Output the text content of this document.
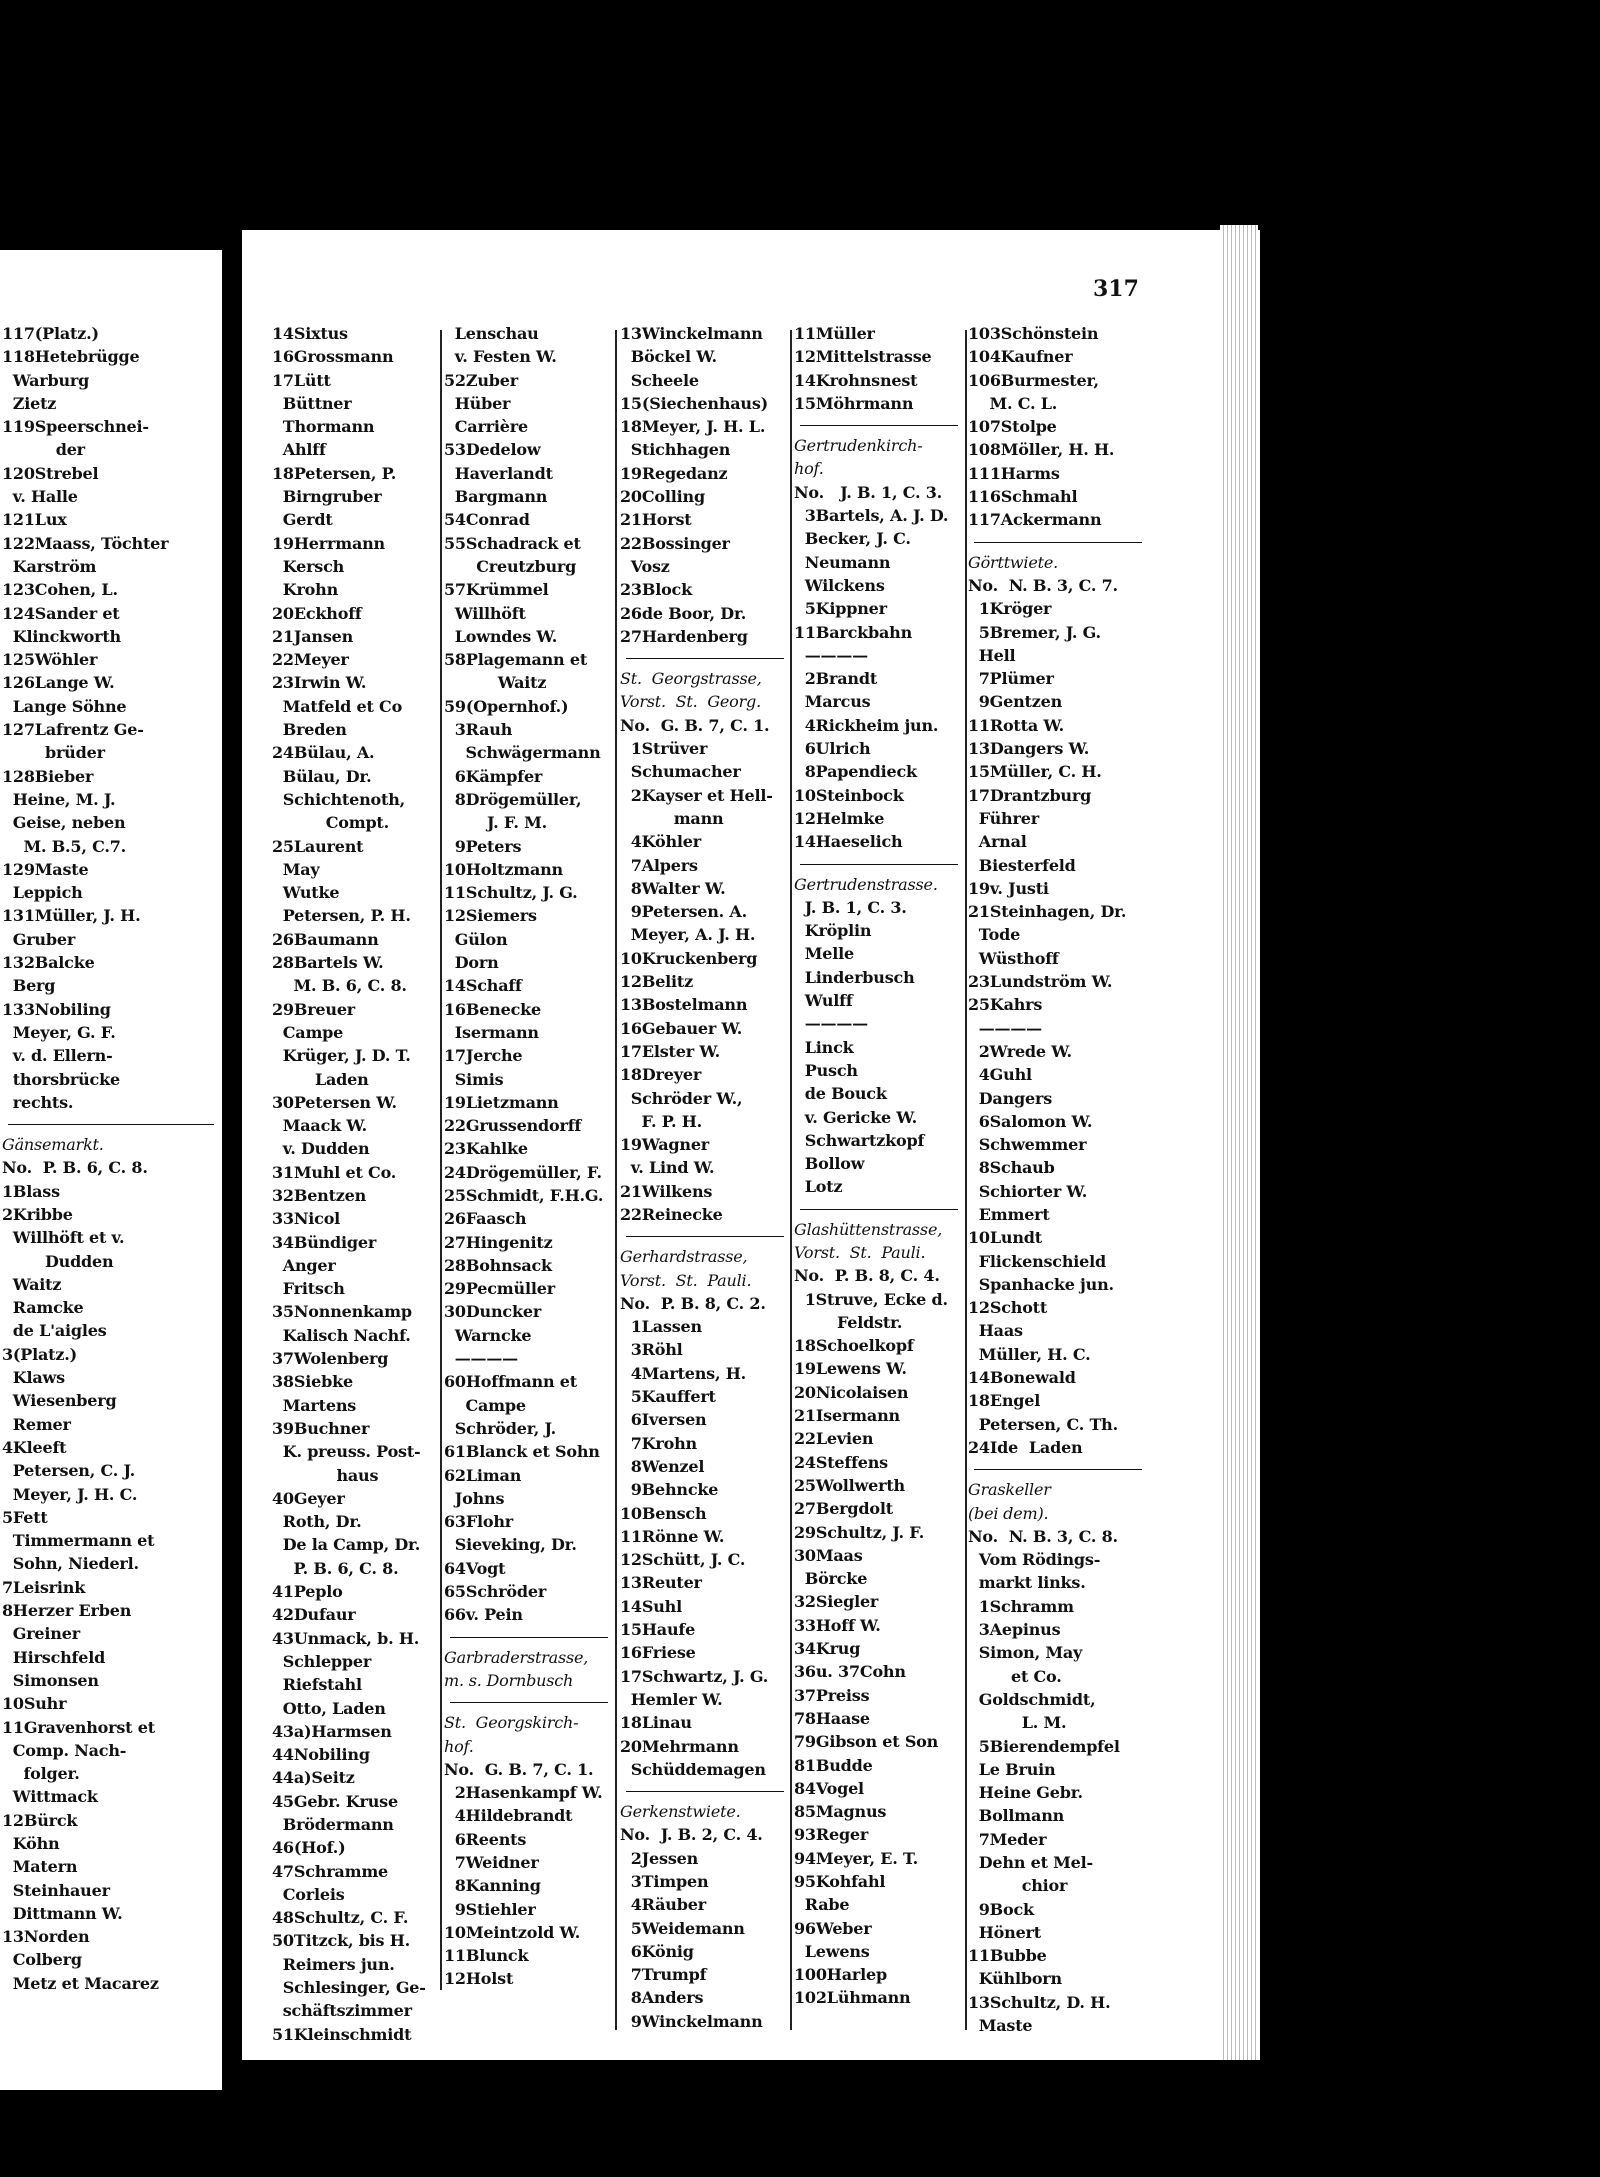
317
117(Platz.)
118Hetebrügge
Warburg
Zietz
119Speerschnei-
der
120Strebel
v. Halle
121Lux
122Maass, Töchter
Karström
123Cohen, L.
124Sander et
Klinckworth
125Wöhler
126Lange W.
Lange Söhne
127Lafrentz Ge-
brüder
128Bieber
Heine, M. J.
Geise, neben
M. B.5, C.7.
129Maste
Leppich
131Müller, J. H.
Gruber
132Balcke
Berg
133Nobiling
Meyer, G. F.
v. d. Ellern-
thorsbrücke
rechts.
Gänsemarkt.
No.  P. B. 6, C. 8.
1Blass
2Kribbe
Willhöft et v.
Dudden
Waitz
Ramcke
de L'aigles
3(Platz.)
Klaws
Wiesenberg
Remer
4Kleeft
Petersen, C. J.
Meyer, J. H. C.
5Fett
Timmermann et
Sohn, Niederl.
7Leisrink
8Herzer Erben
Greiner
Hirschfeld
Simonsen
10Suhr
11Gravenhorst et
Comp. Nach-
folger.
Wittmack
12Bürck
Köhn
Matern
Steinhauer
Dittmann W.
13Norden
Colberg
Metz et Macarez
14Sixtus
16Grossmann
17Lütt
Büttner
Thormann
Ahlff
18Petersen, P.
Birngruber
Gerdt
19Herrmann
Kersch
Krohn
20Eckhoff
21Jansen
22Meyer
23Irwin W.
Matfeld et Co
Breden
24Bülau, A.
Bülau, Dr.
Schichtenoth,
Compt.
25Laurent
May
Wutke
Petersen, P. H.
26Baumann
28Bartels W.
M. B. 6, C. 8.
29Breuer
Campe
Krüger, J. D. T.
Laden
30Petersen W.
Maack W.
v. Dudden
31Muhl et Co.
32Bentzen
33Nicol
34Bündiger
Anger
Fritsch
35Nonnenkamp
Kalisch Nachf.
37Wolenberg
38Siebke
Martens
39Buchner
K. preuss. Post-
haus
40Geyer
Roth, Dr.
De la Camp, Dr.
P. B. 6, C. 8.
41Peplo
42Dufaur
43Unmack, b. H.
Schlepper
Riefstahl
Otto, Laden
43a)Harmsen
44Nobiling
44a)Seitz
45Gebr. Kruse
Brödermann
46(Hof.)
47Schramme
Corleis
48Schultz, C. F.
50Titzck, bis H.
Reimers jun.
Schlesinger, Ge-
schäftszimmer
51Kleinschmidt
Lenschau
v. Festen W.
52Zuber
Hüber
Carrière
53Dedelow
Haverlandt
Bargmann
54Conrad
55Schadrack et
Creutzburg
57Krümmel
Willhöft
Lowndes W.
58Plagemann et
Waitz
59(Opernhof.)
3Rauh
Schwägermann
6Kämpfer
8Drögemüller,
J. F. M.
9Peters
10Holtzmann
11Schultz, J. G.
12Siemers
Gülon
Dorn
14Schaff
16Benecke
Isermann
17Jerche
Simis
19Lietzmann
22Grussendorff
23Kahlke
24Drögemüller, F.
25Schmidt, F.H.G.
26Faasch
27Hingenitz
28Bohnsack
29Pecmüller
30Duncker
Warncke
————
60Hoffmann et
Campe
Schröder, J.
61Blanck et Sohn
62Liman
Johns
63Flohr
Sieveking, Dr.
64Vogt
65Schröder
66v. Pein
Garbraderstrasse,
m. s. Dornbusch
St.  Georgskirch-
hof.
No.  G. B. 7, C. 1.
2Hasenkampf W.
4Hildebrandt
6Reents
7Weidner
8Kanning
9Stiehler
10Meintzold W.
11Blunck
12Holst
13Winckelmann
Böckel W.
Scheele
15(Siechenhaus)
18Meyer, J. H. L.
Stichhagen
19Regedanz
20Colling
21Horst
22Bossinger
Vosz
23Block
26de Boor, Dr.
27Hardenberg
St.  Georgstrasse,
Vorst.  St.  Georg.
No.  G. B. 7, C. 1.
1Strüver
Schumacher
2Kayser et Hell-
mann
4Köhler
7Alpers
8Walter W.
9Petersen. A.
Meyer, A. J. H.
10Kruckenberg
12Belitz
13Bostelmann
16Gebauer W.
17Elster W.
18Dreyer
Schröder W.,
F. P. H.
19Wagner
v. Lind W.
21Wilkens
22Reinecke
Gerhardstrasse,
Vorst.  St.  Pauli.
No.  P. B. 8, C. 2.
1Lassen
3Röhl
4Martens, H.
5Kauffert
6Iversen
7Krohn
8Wenzel
9Behncke
10Bensch
11Rönne W.
12Schütt, J. C.
13Reuter
14Suhl
15Haufe
16Friese
17Schwartz, J. G.
Hemler W.
18Linau
20Mehrmann
Schüddemagen
Gerkenstwiete.
No.  J. B. 2, C. 4.
2Jessen
3Timpen
4Räuber
5Weidemann
6König
7Trumpf
8Anders
9Winckelmann
11Müller
12Mittelstrasse
14Krohnsnest
15Möhrmann
Gertrudenkirch-
hof.
No.   J. B. 1, C. 3.
3Bartels, A. J. D.
Becker, J. C.
Neumann
Wilckens
5Kippner
11Barckbahn
————
2Brandt
Marcus
4Rickheim jun.
6Ulrich
8Papendieck
10Steinbock
12Helmke
14Haeselich
Gertrudenstrasse.
J. B. 1, C. 3.
Kröplin
Melle
Linderbusch
Wulff
————
Linck
Pusch
de Bouck
v. Gericke W.
Schwartzkopf
Bollow
Lotz
Glashüttenstrasse,
Vorst.  St.  Pauli.
No.  P. B. 8, C. 4.
1Struve, Ecke d.
Feldstr.
18Schoelkopf
19Lewens W.
20Nicolaisen
21Isermann
22Levien
24Steffens
25Wollwerth
27Bergdolt
29Schultz, J. F.
30Maas
Börcke
32Siegler
33Hoff W.
34Krug
36u. 37Cohn
37Preiss
78Haase
79Gibson et Son
81Budde
84Vogel
85Magnus
93Reger
94Meyer, E. T.
95Kohfahl
Rabe
96Weber
Lewens
100Harlep
102Lühmann
103Schönstein
104Kaufner
106Burmester,
M. C. L.
107Stolpe
108Möller, H. H.
111Harms
116Schmahl
117Ackermann
Görttwiete.
No.  N. B. 3, C. 7.
1Kröger
5Bremer, J. G.
Hell
7Plümer
9Gentzen
11Rotta W.
13Dangers W.
15Müller, C. H.
17Drantzburg
Führer
Arnal
Biesterfeld
19v. Justi
21Steinhagen, Dr.
Tode
Wüsthoff
23Lundström W.
25Kahrs
————
2Wrede W.
4Guhl
Dangers
6Salomon W.
Schwemmer
8Schaub
Schiorter W.
Emmert
10Lundt
Flickenschield
Spanhacke jun.
12Schott
Haas
Müller, H. C.
14Bonewald
18Engel
Petersen, C. Th.
24Ide  Laden
Graskeller
(bei dem).
No.  N. B. 3, C. 8.
Vom Rödings-
markt links.
1Schramm
3Aepinus
Simon, May
et Co.
Goldschmidt,
L. M.
5Bierendempfel
Le Bruin
Heine Gebr.
Bollmann
7Meder
Dehn et Mel-
chior
9Bock
Hönert
11Bubbe
Kühlborn
13Schultz, D. H.
Maste
